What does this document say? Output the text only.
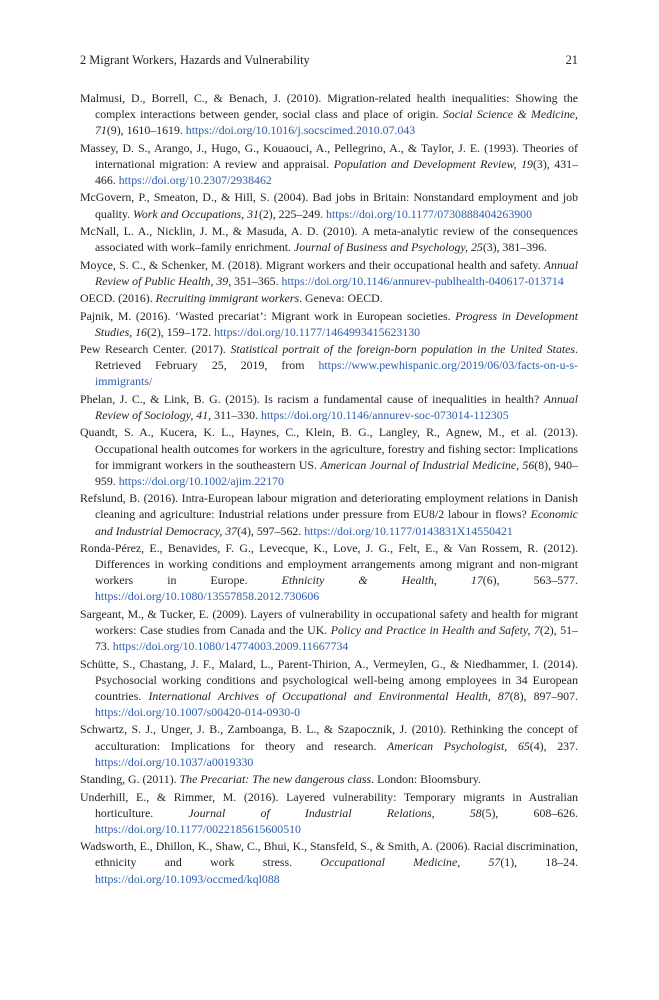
2 Migrant Workers, Hazards and Vulnerability	21

Malmusi, D., Borrell, C., & Benach, J. (2010). Migration-related health inequalities: Showing the complex interactions between gender, social class and place of origin. Social Science & Medicine, 71(9), 1610–1619. https://doi.org/10.1016/j.socscimed.2010.07.043

Massey, D. S., Arango, J., Hugo, G., Kouaouci, A., Pellegrino, A., & Taylor, J. E. (1993). Theories of international migration: A review and appraisal. Population and Development Review, 19(3), 431–466. https://doi.org/10.2307/2938462

McGovern, P., Smeaton, D., & Hill, S. (2004). Bad jobs in Britain: Nonstandard employment and job quality. Work and Occupations, 31(2), 225–249. https://doi.org/10.1177/0730888404263900

McNall, L. A., Nicklin, J. M., & Masuda, A. D. (2010). A meta-analytic review of the consequences associated with work–family enrichment. Journal of Business and Psychology, 25(3), 381–396.

Moyce, S. C., & Schenker, M. (2018). Migrant workers and their occupational health and safety. Annual Review of Public Health, 39, 351–365. https://doi.org/10.1146/annurev-publhealth-040617-013714

OECD. (2016). Recruiting immigrant workers. Geneva: OECD.

Pajnik, M. (2016). ‘Wasted precariat’: Migrant work in European societies. Progress in Development Studies, 16(2), 159–172. https://doi.org/10.1177/1464993415623130

Pew Research Center. (2017). Statistical portrait of the foreign-born population in the United States. Retrieved February 25, 2019, from https://www.pewhispanic.org/2019/06/03/facts-on-u-s-immigrants/

Phelan, J. C., & Link, B. G. (2015). Is racism a fundamental cause of inequalities in health? Annual Review of Sociology, 41, 311–330. https://doi.org/10.1146/annurev-soc-073014-112305

Quandt, S. A., Kucera, K. L., Haynes, C., Klein, B. G., Langley, R., Agnew, M., et al. (2013). Occupational health outcomes for workers in the agriculture, forestry and fishing sector: Implications for immigrant workers in the southeastern US. American Journal of Industrial Medicine, 56(8), 940–959. https://doi.org/10.1002/ajim.22170

Refslund, B. (2016). Intra-European labour migration and deteriorating employment relations in Danish cleaning and agriculture: Industrial relations under pressure from EU8/2 labour in flows? Economic and Industrial Democracy, 37(4), 597–562. https://doi.org/10.1177/0143831X14550421

Ronda-Pérez, E., Benavides, F. G., Levecque, K., Love, J. G., Felt, E., & Van Rossem, R. (2012). Differences in working conditions and employment arrangements among migrant and non-migrant workers in Europe. Ethnicity & Health, 17(6), 563–577. https://doi.org/10.1080/13557858.2012.730606

Sargeant, M., & Tucker, E. (2009). Layers of vulnerability in occupational safety and health for migrant workers: Case studies from Canada and the UK. Policy and Practice in Health and Safety, 7(2), 51–73. https://doi.org/10.1080/14774003.2009.11667734

Schütte, S., Chastang, J. F., Malard, L., Parent-Thirion, A., Vermeylen, G., & Niedhammer, I. (2014). Psychosocial working conditions and psychological well-being among employees in 34 European countries. International Archives of Occupational and Environmental Health, 87(8), 897–907. https://doi.org/10.1007/s00420-014-0930-0

Schwartz, S. J., Unger, J. B., Zamboanga, B. L., & Szapocznik, J. (2010). Rethinking the concept of acculturation: Implications for theory and research. American Psychologist, 65(4), 237. https://doi.org/10.1037/a0019330

Standing, G. (2011). The Precariat: The new dangerous class. London: Bloomsbury.

Underhill, E., & Rimmer, M. (2016). Layered vulnerability: Temporary migrants in Australian horticulture. Journal of Industrial Relations, 58(5), 608–626. https://doi.org/10.1177/0022185615600510

Wadsworth, E., Dhillon, K., Shaw, C., Bhui, K., Stansfeld, S., & Smith, A. (2006). Racial discrimination, ethnicity and work stress. Occupational Medicine, 57(1), 18–24. https://doi.org/10.1093/occmed/kql088
